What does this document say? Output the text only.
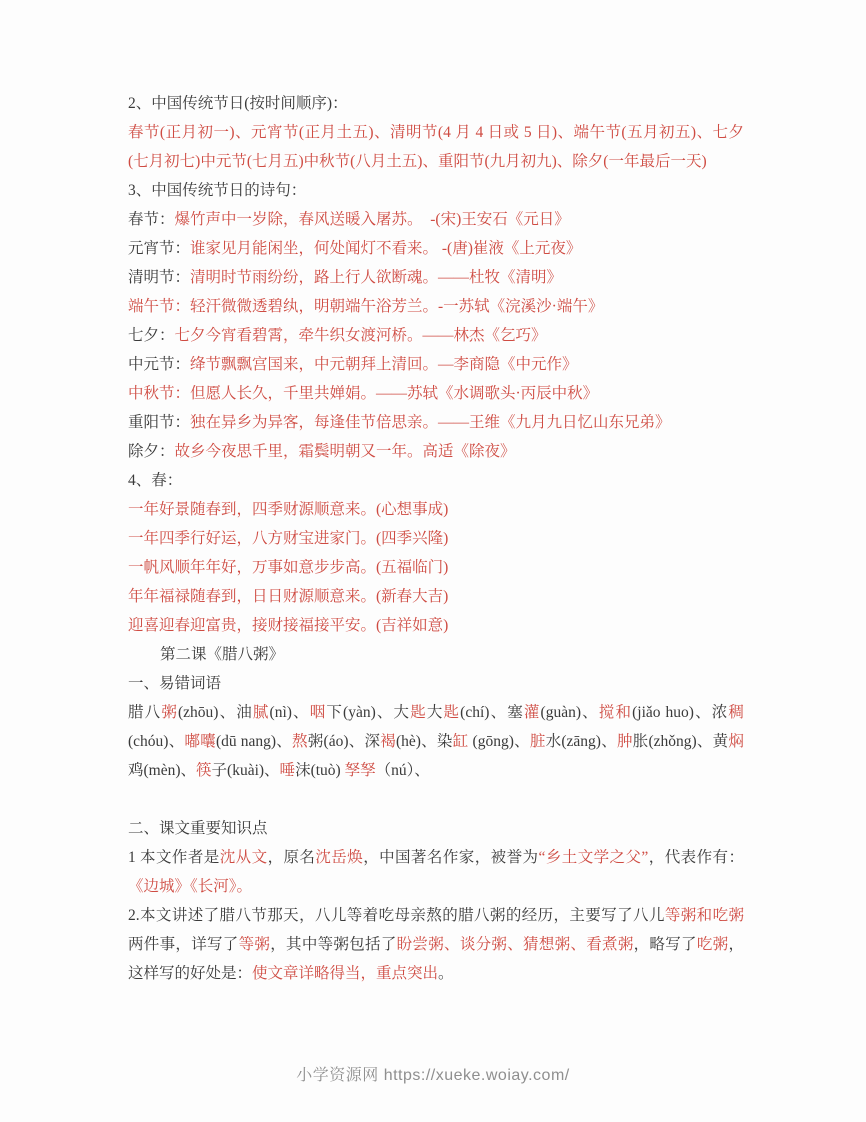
2、中国传统节日(按时间顺序)：

春节(正月初一)、元宵节(正月土五)、清明节(4 月 4 日或 5 日)、端午节(五月初五)、七夕(七月初七)中元节(七月五)中秋节(八月土五)、重阳节(九月初九)、除夕(一年最后一天)

3、中国传统节日的诗句：

春节：爆竹声中一岁除，春风送暖入屠苏。  -(宋)王安石《元日》

元宵节：谁家见月能闲坐，何处闻灯不看来。 -(唐)崔液《上元夜》

清明节：清明时节雨纷纷，路上行人欲断魂。——杜牧《清明》

端午节：轻汗微微透碧纨，明朝端午浴芳兰。-一苏轼《浣溪沙·端午》

七夕：七夕今宵看碧霄，牵牛织女渡河桥。——林杰《乞巧》

中元节：绛节飘飘宫国来，中元朝拜上清回。—李商隐《中元作》

中秋节：但愿人长久，千里共婵娟。——苏轼《水调歌头·丙辰中秋》

重阳节：独在异乡为异客，每逢佳节倍思亲。——王维《九月九日忆山东兄弟》

除夕：故乡今夜思千里，霜鬓明朝又一年。高适《除夜》

4、春：

一年好景随春到，四季财源顺意来。(心想事成)

一年四季行好运，八方财宝进家门。(四季兴隆)

一帆风顺年年好，万事如意步步高。(五福临门)

年年福禄随春到，日日财源顺意来。(新春大吉)

迎喜迎春迎富贵，接财接福接平安。(吉祥如意)

第二课《腊八粥》

一、易错词语

腊八粥(zhōu)、油腻(nì)、咽下(yàn)、大匙大匙(chí)、塞灌(guàn)、搅和(jiǎo huo)、浓稠(chóu)、嘟囔(dū nang)、熬粥(áo)、深褐(hè)、染缸 (gōng)、脏水(zāng)、肿胀(zhǒng)、黄焖鸡(mèn)、筷子(kuài)、唾沫(tuò) 孥孥（nú）、

二、课文重要知识点

1 本文作者是沈从文，原名沈岳焕，中国著名作家，被誉为“乡土文学之父”，代表作有：《边城》《长河》。

2.本文讲述了腊八节那天，八儿等着吃母亲熬的腊八粥的经历，主要写了八儿等粥和吃粥两件事，详写了等粥，其中等粥包括了盼尝粥、谈分粥、猜想粥、看煮粥，略写了吃粥，这样写的好处是：使文章详略得当，重点突出。

小学资源网 https://xueke.woiay.com/
